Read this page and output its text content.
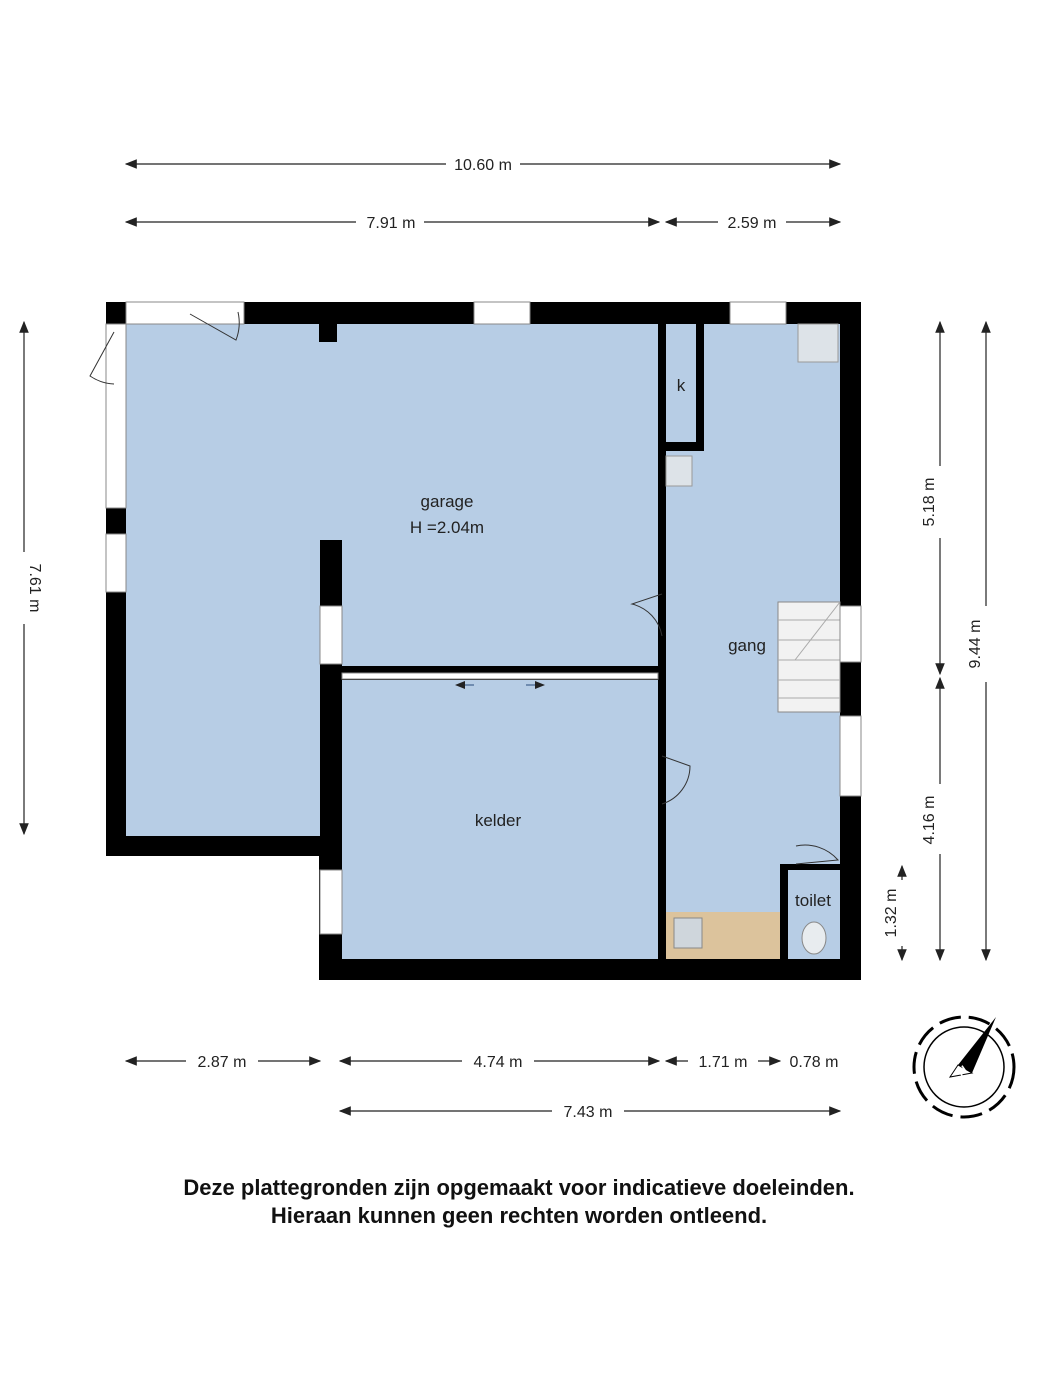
10.60 m
7.91 m	2.59 m
7.61 m
5.18 m
4.16 m
9.44 m
1.32 m
2.87 m	4.74 m	1.71 m	0.78 m
7.43 m
garage
H =2.04m
kelder
gang
k
toilet
N
Deze plattegronden zijn opgemaakt voor indicatieve doeleinden.
Hieraan kunnen geen rechten worden ontleend.
